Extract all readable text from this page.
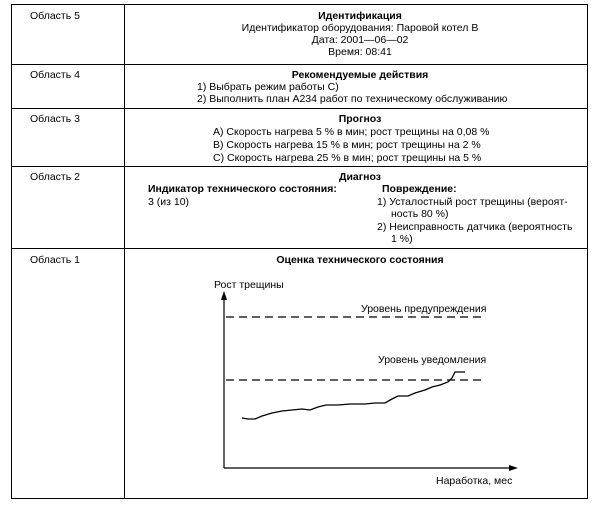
Область 5	Идентификация
Идентификатор оборудования: Паровой котел В
Дата: 2001—06—02
Время: 08:41
Область 4	Рекомендуемые действия
1) Выбрать режим работы С)
2) Выполнить план А234 работ по техническому обслуживанию
Область 3	Прогноз
А) Скорость нагрева 5 % в мин; рост трещины на 0,08 %
В) Скорость нагрева 15 % в мин; рост трещины на 2 %
С) Скорость нагрева 25 % в мин; рост трещины на 5 %
Область 2	Диагноз
Индикатор технического состояния:
3 (из 10)
Повреждение:
1) Усталостный рост трещины (вероят-
ность 80 %)
2) Неисправность датчика (вероятность
1 %)
Область 1	Оценка технического состояния
Рост трещины
Наработка, мес
Уровень предупреждения
Уровень уведомления
